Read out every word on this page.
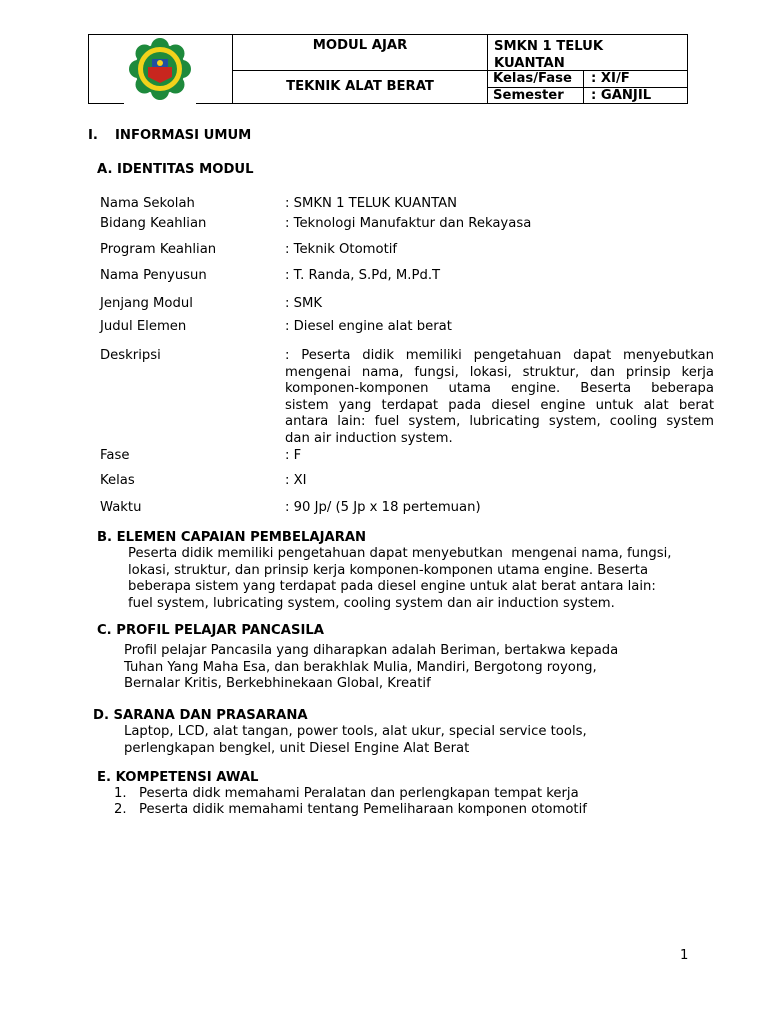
MODUL AJAR
TEKNIK ALAT BERAT
SMKN 1 TELUK KUANTAN
Kelas/Fase : XI/F
Semester : GANJIL
I. INFORMASI UMUM
A. IDENTITAS MODUL
Nama Sekolah	: SMKN 1 TELUK KUANTAN
Bidang Keahlian	: Teknologi Manufaktur dan Rekayasa
Program Keahlian	: Teknik Otomotif
Nama Penyusun	: T. Randa, S.Pd, M.Pd.T
Jenjang Modul	: SMK
Judul Elemen	: Diesel engine alat berat
Deskripsi	: Peserta didik memiliki pengetahuan dapat menyebutkan
mengenai nama, fungsi, lokasi, struktur, dan prinsip kerja
komponen-komponen utama engine. Beserta beberapa
sistem yang terdapat pada diesel engine untuk alat berat
antara lain: fuel system, lubricating system, cooling system
dan air induction system.
Fase	: F
Kelas	: XI
Waktu	: 90 Jp/ (5 Jp x 18 pertemuan)
B. ELEMEN CAPAIAN PEMBELAJARAN
Peserta didik memiliki pengetahuan dapat menyebutkan  mengenai nama, fungsi,
lokasi, struktur, dan prinsip kerja komponen-komponen utama engine. Beserta
beberapa sistem yang terdapat pada diesel engine untuk alat berat antara lain:
fuel system, lubricating system, cooling system dan air induction system.
C. PROFIL PELAJAR PANCASILA
Profil pelajar Pancasila yang diharapkan adalah Beriman, bertakwa kepada
Tuhan Yang Maha Esa, dan berakhlak Mulia, Mandiri, Bergotong royong,
Bernalar Kritis, Berkebhinekaan Global, Kreatif
D. SARANA DAN PRASARANA
Laptop, LCD, alat tangan, power tools, alat ukur, special service tools,
perlengkapan bengkel, unit Diesel Engine Alat Berat
E. KOMPETENSI AWAL
1. Peserta didk memahami Peralatan dan perlengkapan tempat kerja
2. Peserta didik memahami tentang Pemeliharaan komponen otomotif
1
